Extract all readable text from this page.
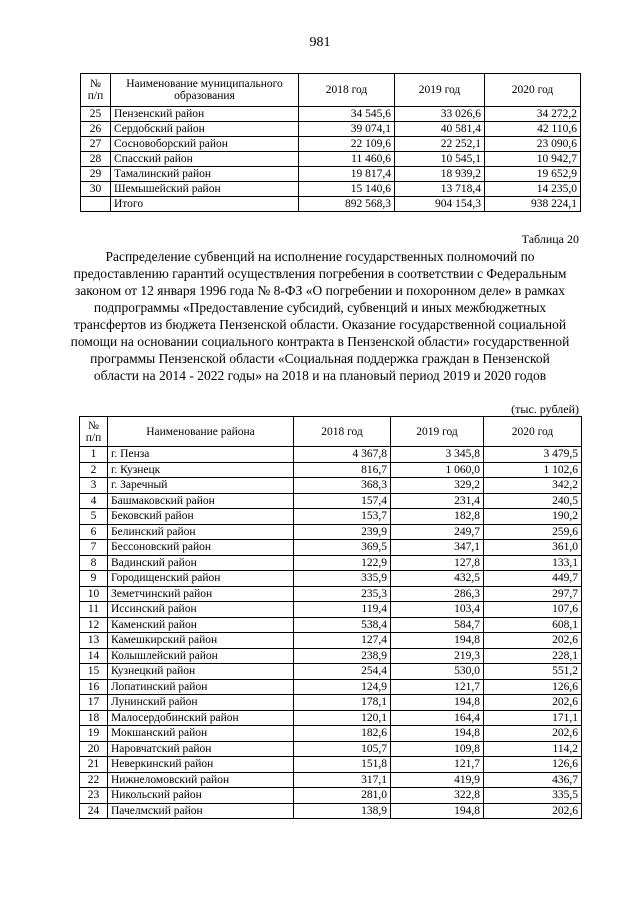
981
№ п/п	Наименование муниципального образования	2018 год	2019 год	2020 год
25	Пензенский район	34 545,6	33 026,6	34 272,2
26	Сердобский район	39 074,1	40 581,4	42 110,6
27	Сосновоборский район	22 109,6	22 252,1	23 090,6
28	Спасский район	11 460,6	10 545,1	10 942,7
29	Тамалинский район	19 817,4	18 939,2	19 652,9
30	Шемышейский район	15 140,6	13 718,4	14 235,0
	Итого	892 568,3	904 154,3	938 224,1
Таблица 20
Распределение субвенций на исполнение государственных полномочий по предоставлению гарантий осуществления погребения в соответствии с Федеральным законом от 12 января 1996 года № 8-ФЗ «О погребении и похоронном деле» в рамках подпрограммы «Предоставление субсидий, субвенций и иных межбюджетных трансфертов из бюджета Пензенской области. Оказание государственной социальной помощи на основании социального контракта в Пензенской области» государственной программы Пензенской области «Социальная поддержка граждан в Пензенской области на 2014 - 2022 годы» на 2018 и на плановый период 2019 и 2020 годов
(тыс. рублей)
№ п/п	Наименование района	2018 год	2019 год	2020 год
1	г. Пенза	4 367,8	3 345,8	3 479,5
2	г. Кузнецк	816,7	1 060,0	1 102,6
3	г. Заречный	368,3	329,2	342,2
4	Башмаковский район	157,4	231,4	240,5
5	Бековский район	153,7	182,8	190,2
6	Белинский район	239,9	249,7	259,6
7	Бессоновский район	369,5	347,1	361,0
8	Вадинский район	122,9	127,8	133,1
9	Городищенский район	335,9	432,5	449,7
10	Земетчинский район	235,3	286,3	297,7
11	Иссинский район	119,4	103,4	107,6
12	Каменский район	538,4	584,7	608,1
13	Камешкирский район	127,4	194,8	202,6
14	Колышлейский район	238,9	219,3	228,1
15	Кузнецкий район	254,4	530,0	551,2
16	Лопатинский район	124,9	121,7	126,6
17	Лунинский район	178,1	194,8	202,6
18	Малосердобинский район	120,1	164,4	171,1
19	Мокшанский район	182,6	194,8	202,6
20	Наровчатский район	105,7	109,8	114,2
21	Неверкинский район	151,8	121,7	126,6
22	Нижнеломовский район	317,1	419,9	436,7
23	Никольский район	281,0	322,8	335,5
24	Пачелмский район	138,9	194,8	202,6
